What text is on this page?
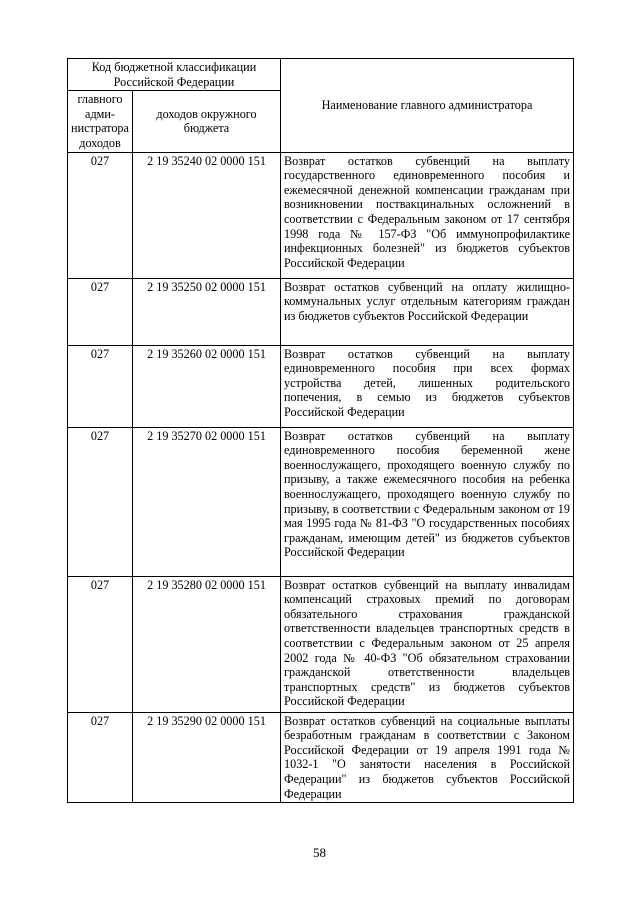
Код бюджетной классификации Российской Федерации		Наименование главного администратора
главного адми-нистратора доходов	доходов окружного бюджета	
027	2 19 35240 02 0000 151	Возврат остатков субвенций на выплату государственного единовременного пособия и ежемесячной денежной компенсации гражданам при возникновении поствакцинальных осложнений в соответствии с Федеральным законом от 17 сентября 1998 года № 157-ФЗ "Об иммунопрофилактике инфекционных болезней" из бюджетов субъектов Российской Федерации
027	2 19 35250 02 0000 151	Возврат остатков субвенций на оплату жилищно-коммунальных услуг отдельным категориям граждан из бюджетов субъектов Российской Федерации
027	2 19 35260 02 0000 151	Возврат остатков субвенций на выплату единовременного пособия при всех формах устройства детей, лишенных родительского попечения, в семью из бюджетов субъектов Российской Федерации
027	2 19 35270 02 0000 151	Возврат остатков субвенций на выплату единовременного пособия беременной жене военнослужащего, проходящего военную службу по призыву, а также ежемесячного пособия на ребенка военнослужащего, проходящего военную службу по призыву, в соответствии с Федеральным законом от 19 мая 1995 года № 81-ФЗ "О государственных пособиях гражданам, имеющим детей" из бюджетов субъектов Российской Федерации
027	2 19 35280 02 0000 151	Возврат остатков субвенций на выплату инвалидам компенсаций страховых премий по договорам обязательного страхования гражданской ответственности владельцев транспортных средств в соответствии с Федеральным законом от 25 апреля 2002 года № 40-ФЗ "Об обязательном страховании гражданской ответственности владельцев транспортных средств" из бюджетов субъектов Российской Федерации
027	2 19 35290 02 0000 151	Возврат остатков субвенций на социальные выплаты безработным гражданам в соответствии с Законом Российской Федерации от 19 апреля 1991 года № 1032-1 "О занятости населения в Российской Федерации" из бюджетов субъектов Российской Федерации
58
